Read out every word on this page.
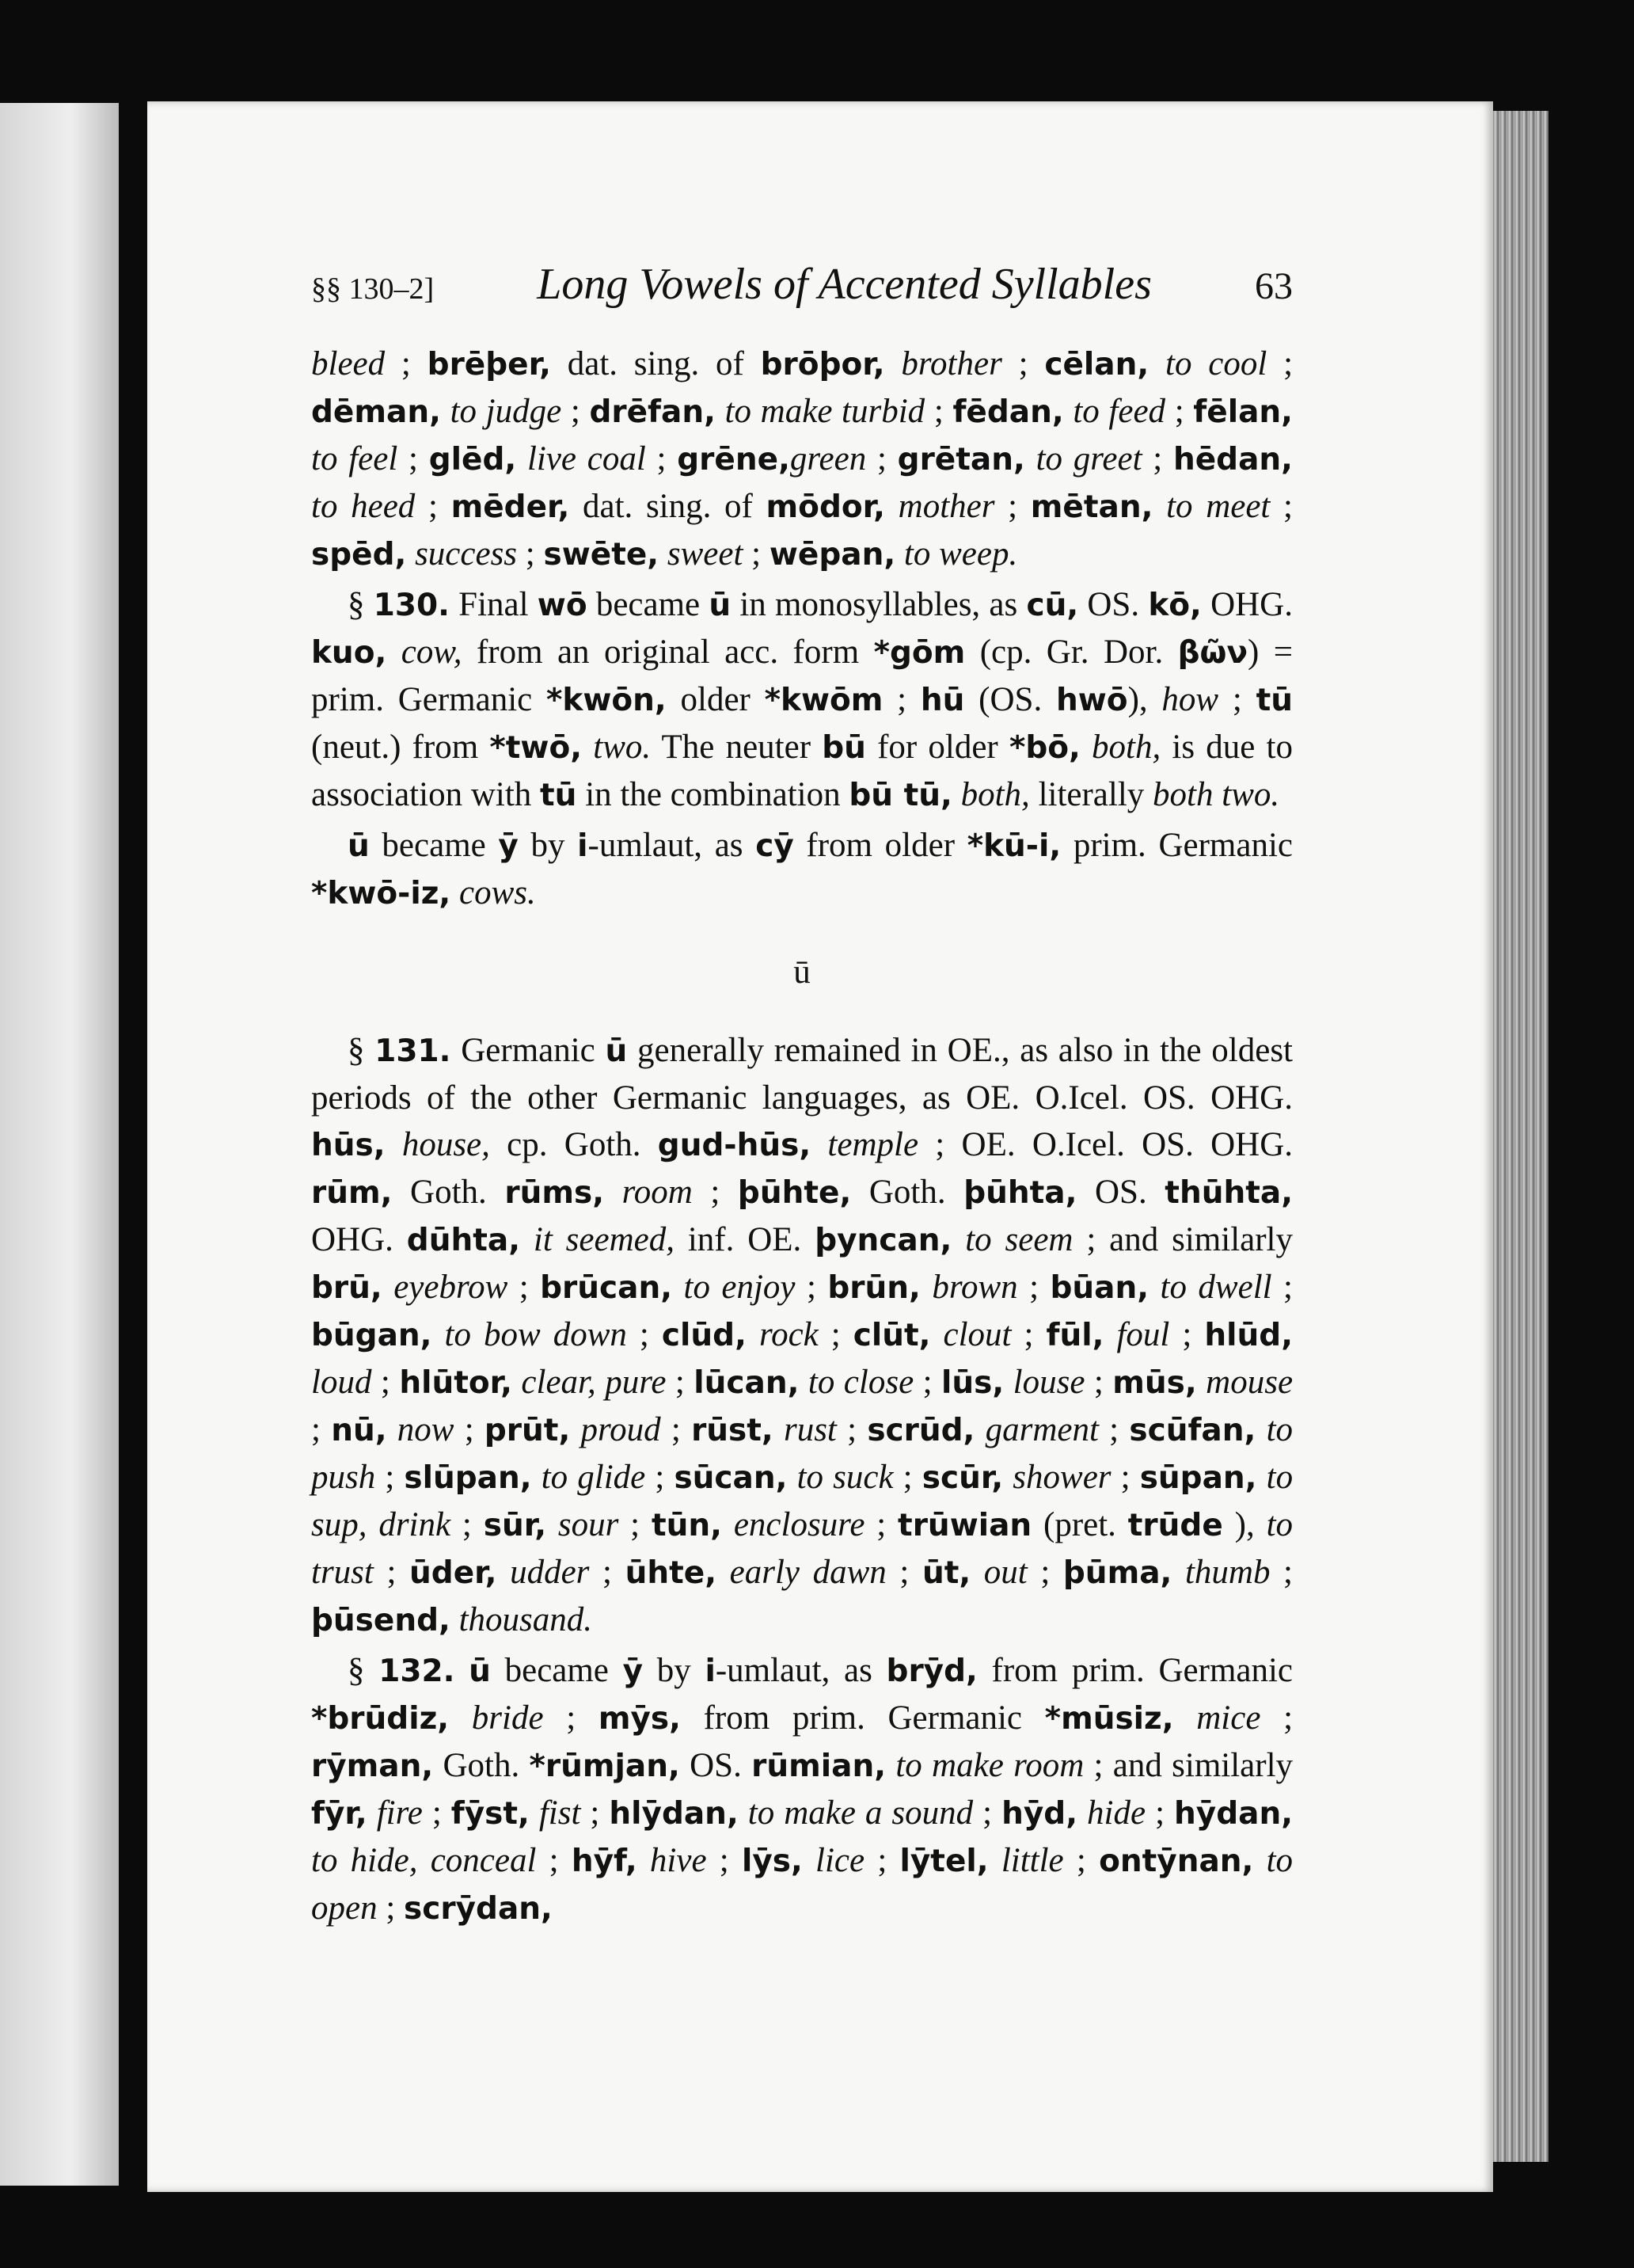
§§ 130–2] Long Vowels of Accented Syllables	63

bleed ; brēþer, dat. sing. of brōþor, brother ; cēlan, to cool ; dēman, to judge ; drēfan, to make turbid ; fēdan, to feed ; fēlan, to feel ; glēd, live coal ; grēne,green ; grētan, to greet ; hēdan, to heed ; mēder, dat. sing. of mōdor, mother ; mētan, to meet ; spēd, success ; swēte, sweet ; wēpan, to weep.

§ 130. Final wō became ū in monosyllables, as cū, OS. kō, OHG. kuo, cow, from an original acc. form *gōm (cp. Gr. Dor. βῶν) = prim. Germanic *kwōn, older *kwōm ; hū (OS. hwō), how ; tū (neut.) from *twō, two. The neuter bū for older *bō, both, is due to association with tū in the combination bū tū, both, literally both two.

ū became ȳ by i-umlaut, as cȳ from older *kū-i, prim. Germanic *kwō-iz, cows.

ū

§ 131. Germanic ū generally remained in OE., as also in the oldest periods of the other Germanic languages, as OE. O.Icel. OS. OHG. hūs, house, cp. Goth. gud-hūs, temple ; OE. O.Icel. OS. OHG. rūm, Goth. rūms, room ; þūhte, Goth. þūhta, OS. thūhta, OHG. dūhta, it seemed, inf. OE. þyncan, to seem ; and similarly brū, eyebrow ; brūcan, to enjoy ; brūn, brown ; būan, to dwell ; būgan, to bow down ; clūd, rock ; clūt, clout ; fūl, foul ; hlūd, loud ; hlūtor, clear, pure ; lūcan, to close ; lūs, louse ; mūs, mouse ; nū, now ; prūt, proud ; rūst, rust ; scrūd, garment ; scūfan, to push ; slūpan, to glide ; sūcan, to suck ; scūr, shower ; sūpan, to sup, drink ; sūr, sour ; tūn, enclosure ; trūwian (pret. trūde ), to trust ; ūder, udder ; ūhte, early dawn ; ūt, out ; þūma, thumb ; þūsend, thousand.

§ 132. ū became ȳ by i-umlaut, as brȳd, from prim. Germanic *brūdiz, bride ; mȳs, from prim. Germanic *mūsiz, mice ; rȳman, Goth. *rūmjan, OS. rūmian, to make room ; and similarly fȳr, fire ; fȳst, fist ; hlȳdan, to make a sound ; hȳd, hide ; hȳdan, to hide, conceal ; hȳf, hive ; lȳs, lice ; lȳtel, little ; ontȳnan, to open ; scrȳdan,
